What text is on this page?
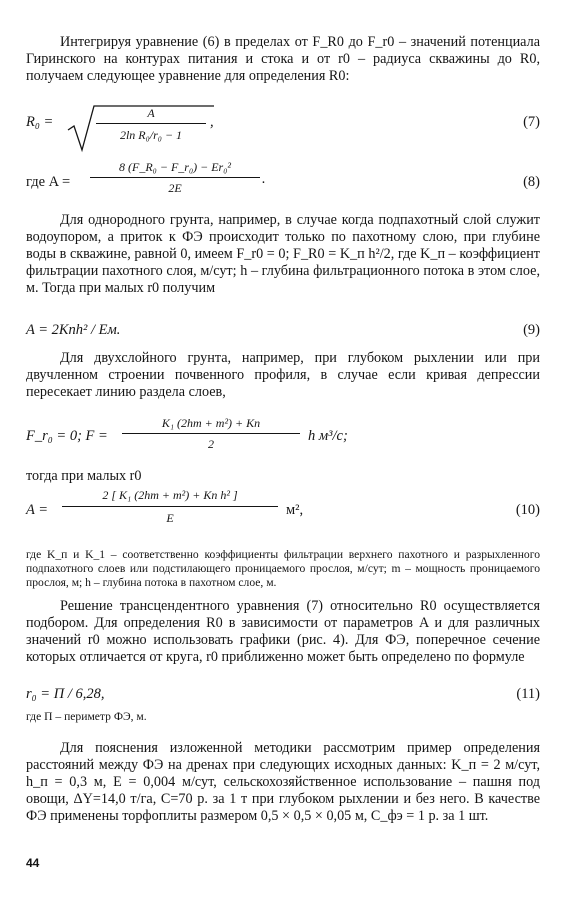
Интегрируя уравнение (6) в пределах от F_R0 до F_r0 – значений потенциала Гиринского на контурах питания и стока и от r0 – радиуса скважины до R0, получаем следующее уравнение для определения R0:
R₀ =
A
2ln R₀/r₀ − 1
,	(7)
где A =
8 (F_R₀ − F_r₀) − Er₀²
2E
.	(8)
Для однородного грунта, например, в случае когда подпахотный слой служит водоупором, а приток к ФЭ происходит только по пахотному слою, при глубине воды в скважине, равной 0, имеем F_r0 = 0; F_R0 = K_п h²/2, где K_п – коэффициент фильтрации пахотного слоя, м/сут; h – глубина фильтрационного потока в этом слое, м. Тогда при малых r0 получим
A = 2Kпh² / Eм.	(9)
Для двухслойного грунта, например, при глубоком рыхлении или при двучленном строении почвенного профиля, в случае если кривая депрессии пересекает линию раздела слоев,
F_r₀ = 0; F =
K₁ (2hm + m²) + Kп
2	h м³/с;
тогда при малых r0
A =
2 [ K₁ (2hm + m²) + Kп h² ]
E	м²,	(10)
где K_п и K_1 – соответственно коэффициенты фильтрации верхнего пахотного и разрыхленного подпахотного слоев или подстилающего проницаемого прослоя, м/сут; m – мощность проницаемого прослоя, м; h – глубина потока в пахотном слое, м.
Решение трансцендентного уравнения (7) относительно R0 осуществляется подбором. Для определения R0 в зависимости от параметров A и для различных значений r0 можно использовать графики (рис. 4). Для ФЭ, поперечное сечение которых отличается от круга, r0 приближенно может быть определено по формуле
r₀ = П / 6,28,	(11)
где П – периметр ФЭ, м.
Для пояснения изложенной методики рассмотрим пример определения расстояний между ФЭ на дренах при следующих исходных данных: K_п = 2 м/сут, h_п = 0,3 м, E = 0,004 м/сут, сельскохозяйственное использование – пашня под овощи, ΔY=14,0 т/га, C=70 р. за 1 т при глубоком рыхлении и без него. В качестве ФЭ применены торфоплиты размером 0,5 × 0,5 × 0,05 м, C_фэ = 1 р. за 1 шт.
44
